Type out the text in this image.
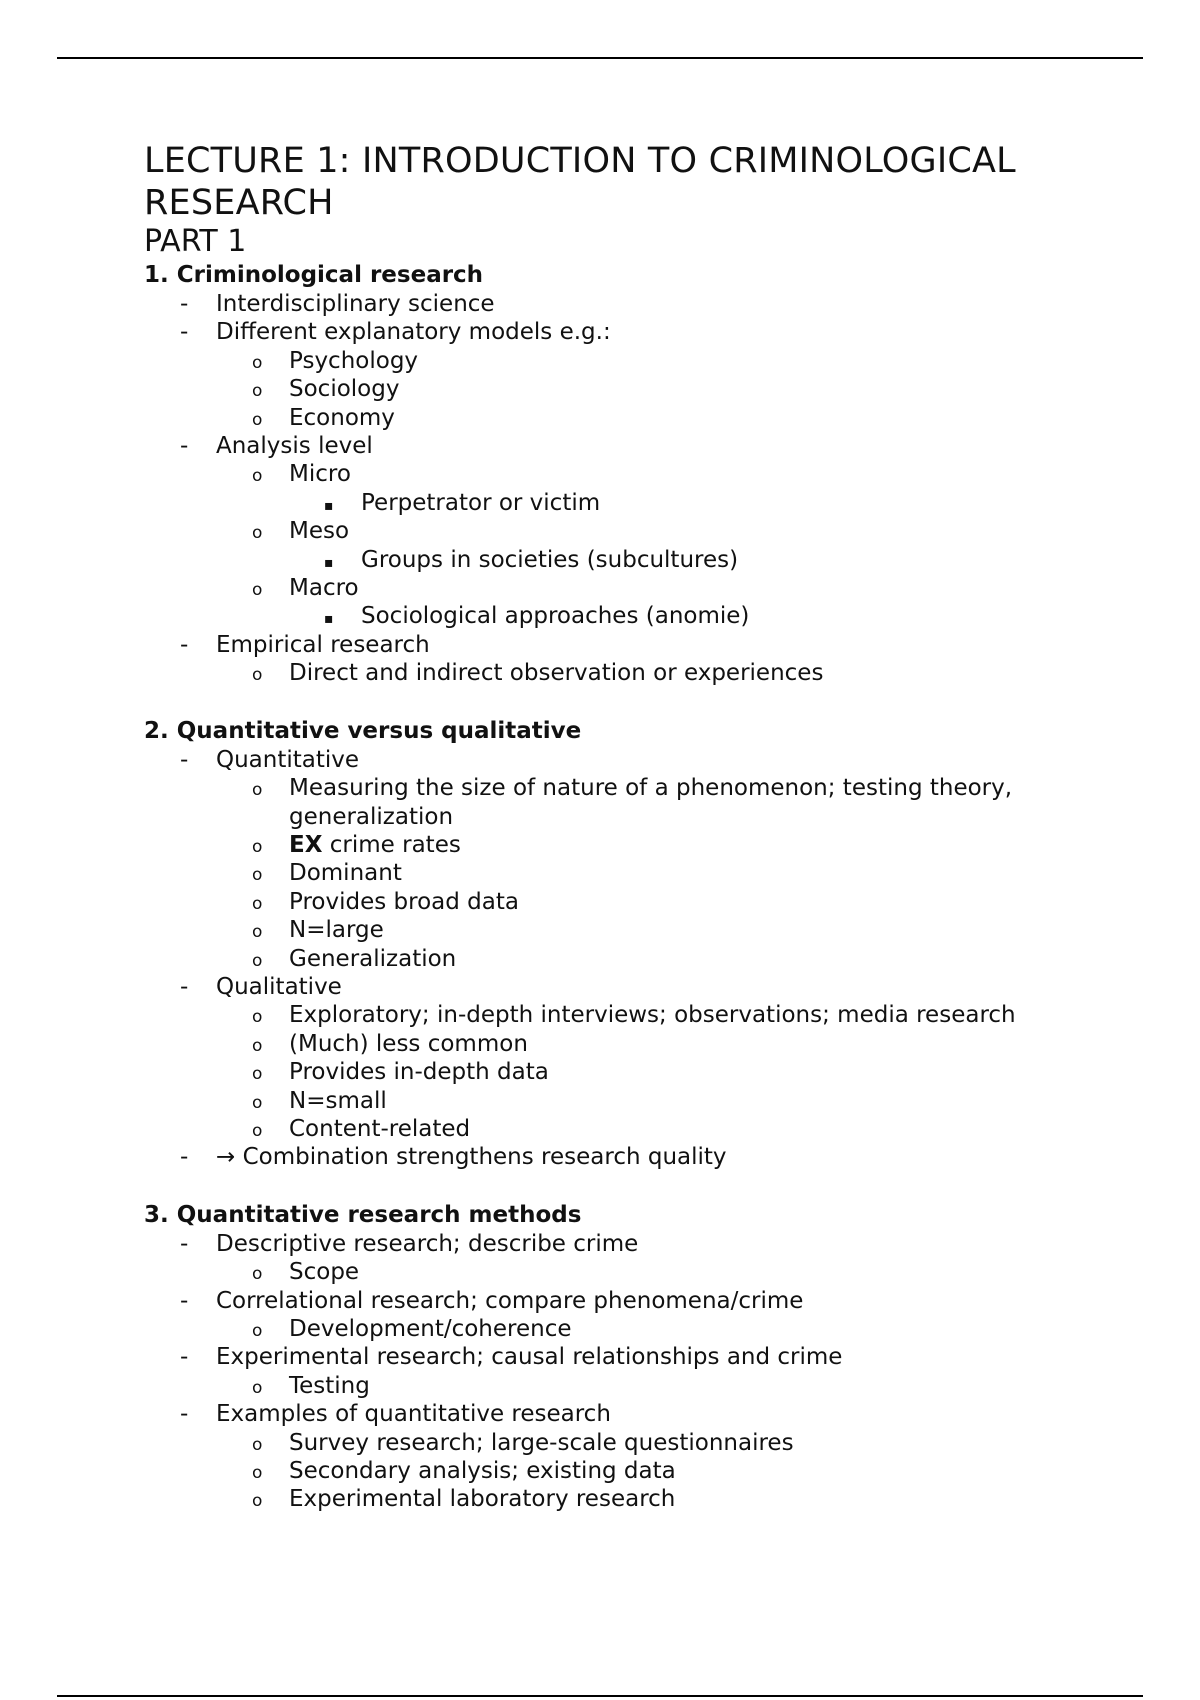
LECTURE 1: INTRODUCTION TO CRIMINOLOGICAL RESEARCH
PART 1
1. Criminological research
- Interdisciplinary science
- Different explanatory models e.g.:
o Psychology
o Sociology
o Economy
- Analysis level
o Micro
▪ Perpetrator or victim
o Meso
▪ Groups in societies (subcultures)
o Macro
▪ Sociological approaches (anomie)
- Empirical research
o Direct and indirect observation or experiences
2. Quantitative versus qualitative
- Quantitative
o Measuring the size of nature of a phenomenon; testing theory,
generalization
o EX crime rates
o Dominant
o Provides broad data
o N=large
o Generalization
- Qualitative
o Exploratory; in-depth interviews; observations; media research
o (Much) less common
o Provides in-depth data
o N=small
o Content-related
- → Combination strengthens research quality
3. Quantitative research methods
- Descriptive research; describe crime
o Scope
- Correlational research; compare phenomena/crime
o Development/coherence
- Experimental research; causal relationships and crime
o Testing
- Examples of quantitative research
o Survey research; large-scale questionnaires
o Secondary analysis; existing data
o Experimental laboratory research
